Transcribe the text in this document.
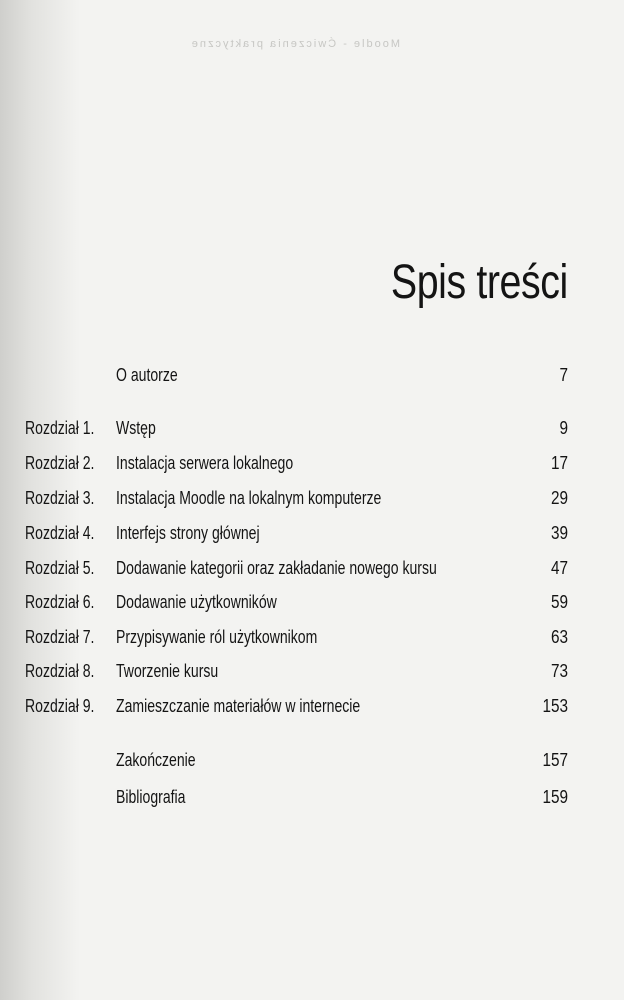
Moodle - Ćwiczenia praktyczne
Spis treści
O autorze	7
Rozdział 1. Wstęp	9
Rozdział 2. Instalacja serwera lokalnego	17
Rozdział 3. Instalacja Moodle na lokalnym komputerze	29
Rozdział 4. Interfejs strony głównej	39
Rozdział 5. Dodawanie kategorii oraz zakładanie nowego kursu	47
Rozdział 6. Dodawanie użytkowników	59
Rozdział 7. Przypisywanie ról użytkownikom	63
Rozdział 8. Tworzenie kursu	73
Rozdział 9. Zamieszczanie materiałów w internecie	153
Zakończenie	157
Bibliografia	159
